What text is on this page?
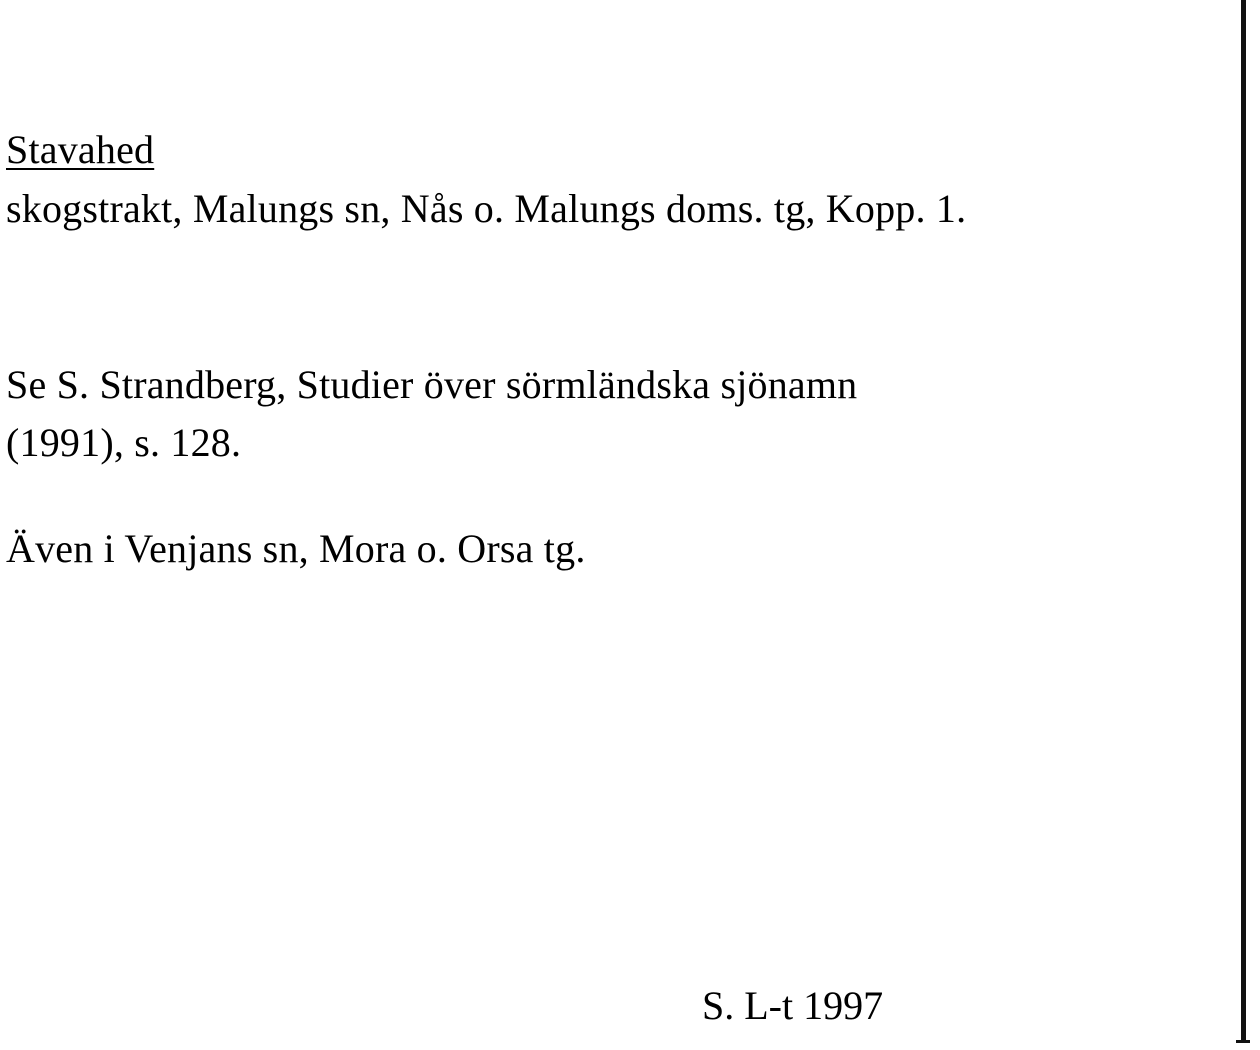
Stavahed
skogstrakt, Malungs sn, Nås o. Malungs doms. tg, Kopp. 1.
Se S. Strandberg, Studier över sörmländska sjönamn
(1991), s. 128.
Även i Venjans sn, Mora o. Orsa tg.
S. L-t 1997
